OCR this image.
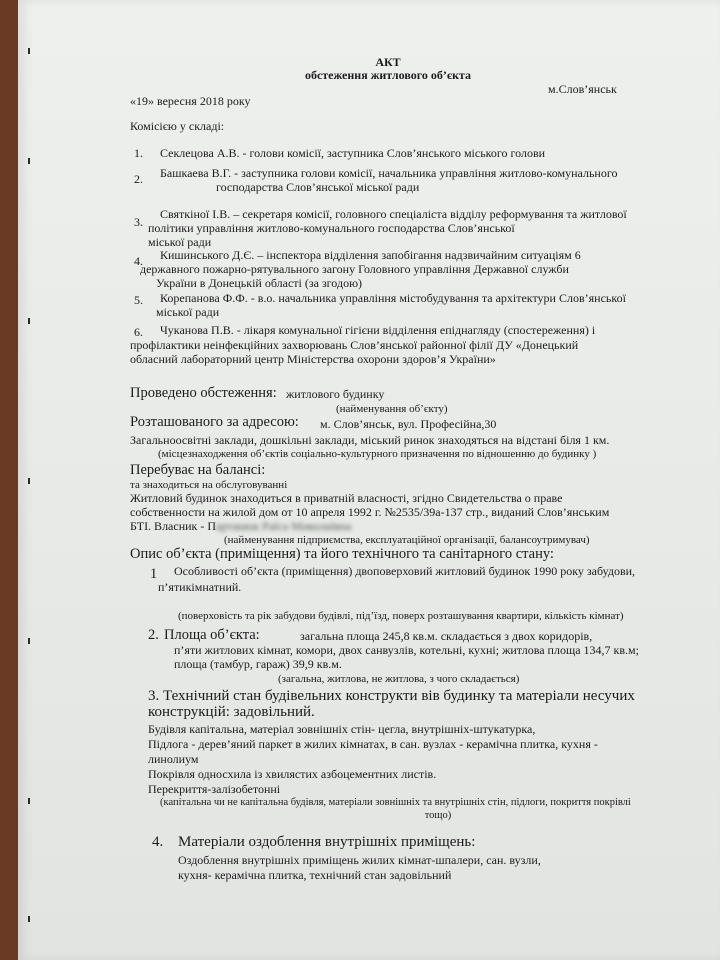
АКТ
обстеження житлового об’єкта
«19» вересня 2018 року
м.Слов’янськ
Комісією у складі:
1. Секлецова А.В. - голови комісії, заступника Слов’янського міського голови
2. Башкаева В.Г. - заступника голови комісії, начальника управління житлово-комунального
господарства Слов’янської міської ради
3.
Святкіної І.В. – секретаря комісії, головного спеціаліста відділу реформування та житлової
політики управління житлово-комунального господарства Слов’янської
міської ради
4. Кишинського Д.Є. – інспектора відділення запобігання надзвичайним ситуаціям 6
державного пожарно-рятувального загону Головного управління Державної служби
України в Донецькій області (за згодою)
5. Корепанова Ф.Ф. - в.о. начальника управління містобудування та архітектури Слов’янської
міської ради
6. Чуканова П.В. - лікаря комунальної гігієни відділення епіднагляду (спостереження) і
профілактики неінфекційних захворювань Слов’янської районної філії ДУ «Донецький
обласний лабораторний центр Міністерства охорони здоров’я України»
Проведено обстеження: житлового будинку
(найменування об’єкту)
Розташованого за адресою: м. Слов’янськ, вул. Професійна,30
Загальноосвітні заклади, дошкільні заклади, міський ринок знаходяться на відстані біля 1 км.
(місцезнаходження об’єктів соціально-культурного призначення по відношенню до будинку )
Перебуває на балансі:
та знаходиться на обслуговуванні
Житловий будинок знаходиться в приватній власності, згідно Свидетельства о праве
собственности на жилой дом от 10 апреля 1992 г. №2535/39а-137 стр., виданий Слов’янським
БТІ. Власник - Партанюк Раїса Миколаївна
(найменування підприємства, експлуатаційної організації, балансоутримувач)
Опис об’єкта (приміщення) та його технічного та санітарного стану:
1 Особливості об’єкта (приміщення) двоповерховий житловий будинок 1990 року забудови,
п’ятикімнатний.
(поверховість та рік забудови будівлі, під’їзд, поверх розташування квартири, кількість кімнат)
2. Площа об’єкта:	загальна площа 245,8 кв.м. складається з двох коридорів,
п’яти житлових кімнат, комори, двох санвузлів, котельні, кухні; житлова площа 134,7 кв.м;
площа (тамбур, гараж) 39,9 кв.м.
(загальна, житлова, не житлова, з чого складається)
3. Технічний стан будівельних конструкти вів будинку та матеріали несучих
конструкцій: задовільний.
Будівля капітальна, матеріал зовнішніх стін- цегла, внутрішніх-штукатурка,
Підлога - дерев’яний паркет в жилих кімнатах, в сан. вузлах - керамічна плитка, кухня -
линолиум
Покрівля односхила із хвилястих азбоцементних листів.
Перекриття-залізобетонні
(капітальна чи не капітальна будівля, матеріали зовнішніх та внутрішніх стін, підлоги, покриття покрівлі
тощо)
4. Матеріали оздоблення внутрішніх приміщень:
Оздоблення внутрішніх приміщень жилих кімнат-шпалери, сан. вузли,
кухня- керамічна плитка, технічний стан задовільний
